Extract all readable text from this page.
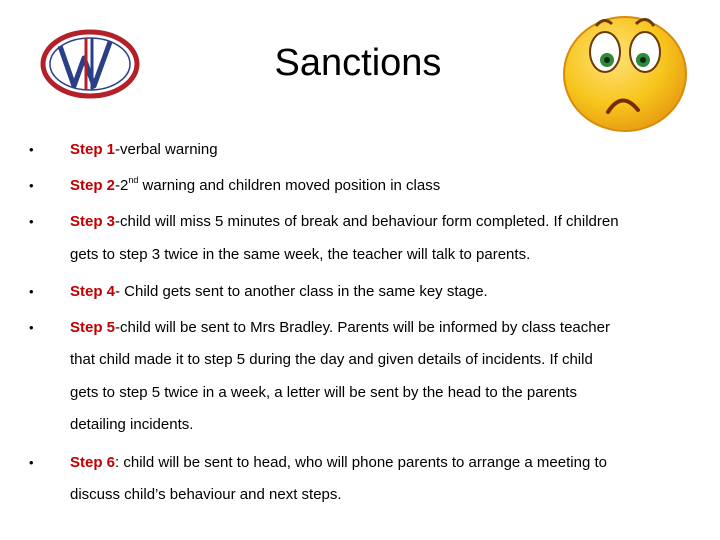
Sanctions
• Step 1-verbal warning
• Step 2-2nd warning and children moved position in class
• Step 3-child will miss 5 minutes of break and behaviour form completed. If children
gets to step 3 twice in the same week, the teacher will talk to parents.
• Step 4- Child gets sent to another class in the same key stage.
• Step 5-child will be sent to Mrs Bradley. Parents will be informed by class teacher
that child made it to step 5 during the day and given details of incidents. If child
gets to step 5 twice in a week, a letter will be sent by the head to the parents
detailing incidents.
• Step 6: child will be sent to head, who will phone parents to arrange a meeting to
discuss child’s behaviour and next steps.
